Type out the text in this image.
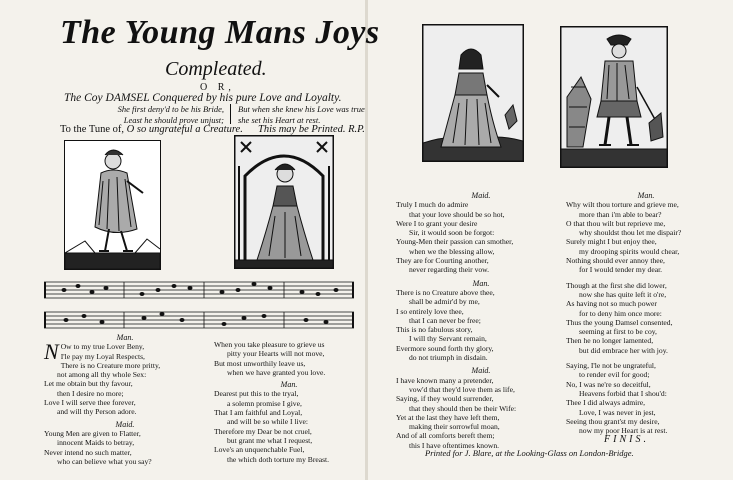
The Young Mans Joys
Compleated.
O R,
The Coy DAMSEL Conquered by his pure Love and Loyalty.
She first deny'd to be his Bride,
Least he should prove unjust;
But when she knew his Love was true
she set his Heart at rest.
To the Tune of, O so ungrateful a Creature. This may be Printed. R.P.
Man.
N Ow to my true Lover Beny,
I'le pay my Loyal Respects,
There is no Creature more pritty,
not among all thy whole Sex:
Let me obtain but thy favour,
then I desire no more;
Love I will serve thee forever,
and will thy Person adore.
Maid.
Young Men are given to Flatter,
innocent Maids to betray,
Never intend no such matter,
who can believe what you say?
When you take pleasure to grieve us
pitty your Hearts will not move,
But most unworthily leave us,
when we have granted you love.
Man.
Dearest put this to the tryal,
a solemn promise I give,
That I am faithful and Loyal,
and will be so while I live:
Therefore my Dear be not cruel,
but grant me what I request,
Love's an unquenchable Fuel,
the which doth torture my Breast.
Maid.
Truly I much do admire
that your love should be so hot,
Were I to grant your desire
Sir, it would soon be forgot:
Young-Men their passion can smother,
when we the blessing allow,
They are for Courting another,
never regarding their vow.
Man.
There is no Creature above thee,
shall be admir'd by me,
I so entirely love thee,
that I can never be free;
This is no fabulous story,
I will thy Servant remain,
Evermore sound forth thy glory,
do not triumph in disdain.
Maid.
I have known many a pretender,
vow'd that they'd love them as life,
Saying, if they would surrender,
that they should then be their Wife:
Yet at the last they have left them,
making their sorrowful moan,
And of all comforts bereft them;
this I have oftentimes known.
Man.
Why wilt thou torture and grieve me,
more than i'm able to bear?
O that thou wilt but reprieve me,
why shouldst thou let me dispair?
Surely might I but enjoy thee,
my drooping spirits would chear,
Nothing should ever annoy thee,
for I would tender my dear.
Though at the first she did lower,
now she has quite left it o're,
As having not so much power
for to deny him once more:
Thus the young Damsel consented,
seeming at first to be coy,
Then he no longer lamented,
but did embrace her with joy.
Saying, I'le not be ungrateful,
to render evil for good;
No, I was ne're so deceitful,
Heavens forbid that I shou'd:
Thee I did always admire,
Love, I was never in jest,
Seeing thou grant'st my desire,
now my poor Heart is at rest.
FINIS.
Printed for J. Blare, at the Looking-Glass on London-Bridge.
